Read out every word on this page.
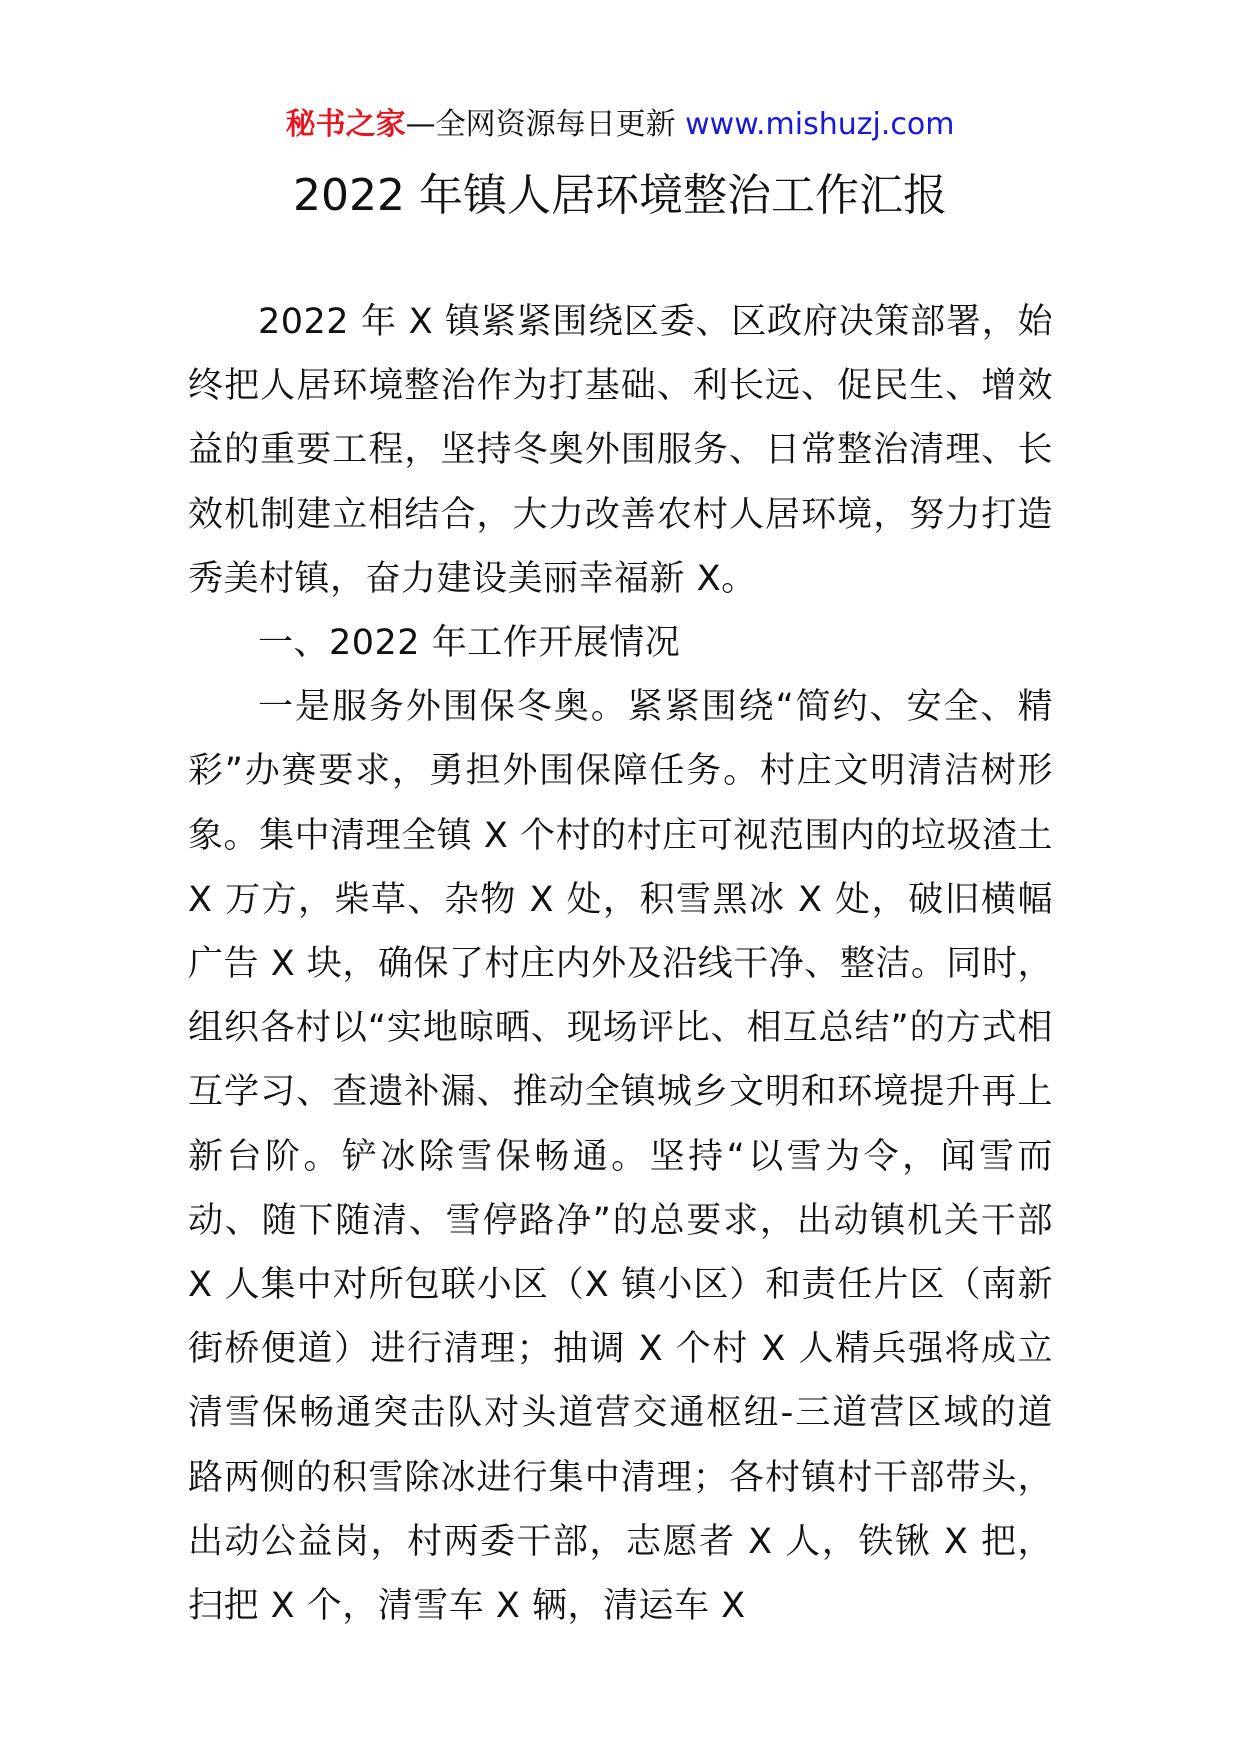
秘书之家—全网资源每日更新 www.mishuzj.com
2022 年镇人居环境整治工作汇报

2022 年 X 镇紧紧围绕区委、区政府决策部署，始终把人居环境整治作为打基础、利长远、促民生、增效益的重要工程，坚持冬奥外围服务、日常整治清理、长效机制建立相结合，大力改善农村人居环境，努力打造秀美村镇，奋力建设美丽幸福新 X。

一、2022 年工作开展情况

一是服务外围保冬奥。紧紧围绕“简约、安全、精彩”办赛要求，勇担外围保障任务。村庄文明清洁树形象。集中清理全镇 X 个村的村庄可视范围内的垃圾渣土 X 万方，柴草、杂物 X 处，积雪黑冰 X 处，破旧横幅广告 X 块，确保了村庄内外及沿线干净、整洁。同时，组织各村以“实地晾晒、现场评比、相互总结”的方式相互学习、查遗补漏、推动全镇城乡文明和环境提升再上新台阶。铲冰除雪保畅通。坚持“以雪为令，闻雪而动、随下随清、雪停路净”的总要求，出动镇机关干部 X 人集中对所包联小区（X 镇小区）和责任片区（南新街桥便道）进行清理；抽调 X 个村 X 人精兵强将成立清雪保畅通突击队对头道营交通枢纽-三道营区域的道路两侧的积雪除冰进行集中清理；各村镇村干部带头，出动公益岗，村两委干部，志愿者 X 人，铁锹 X 把，扫把 X 个，清雪车 X 辆，清运车 X
